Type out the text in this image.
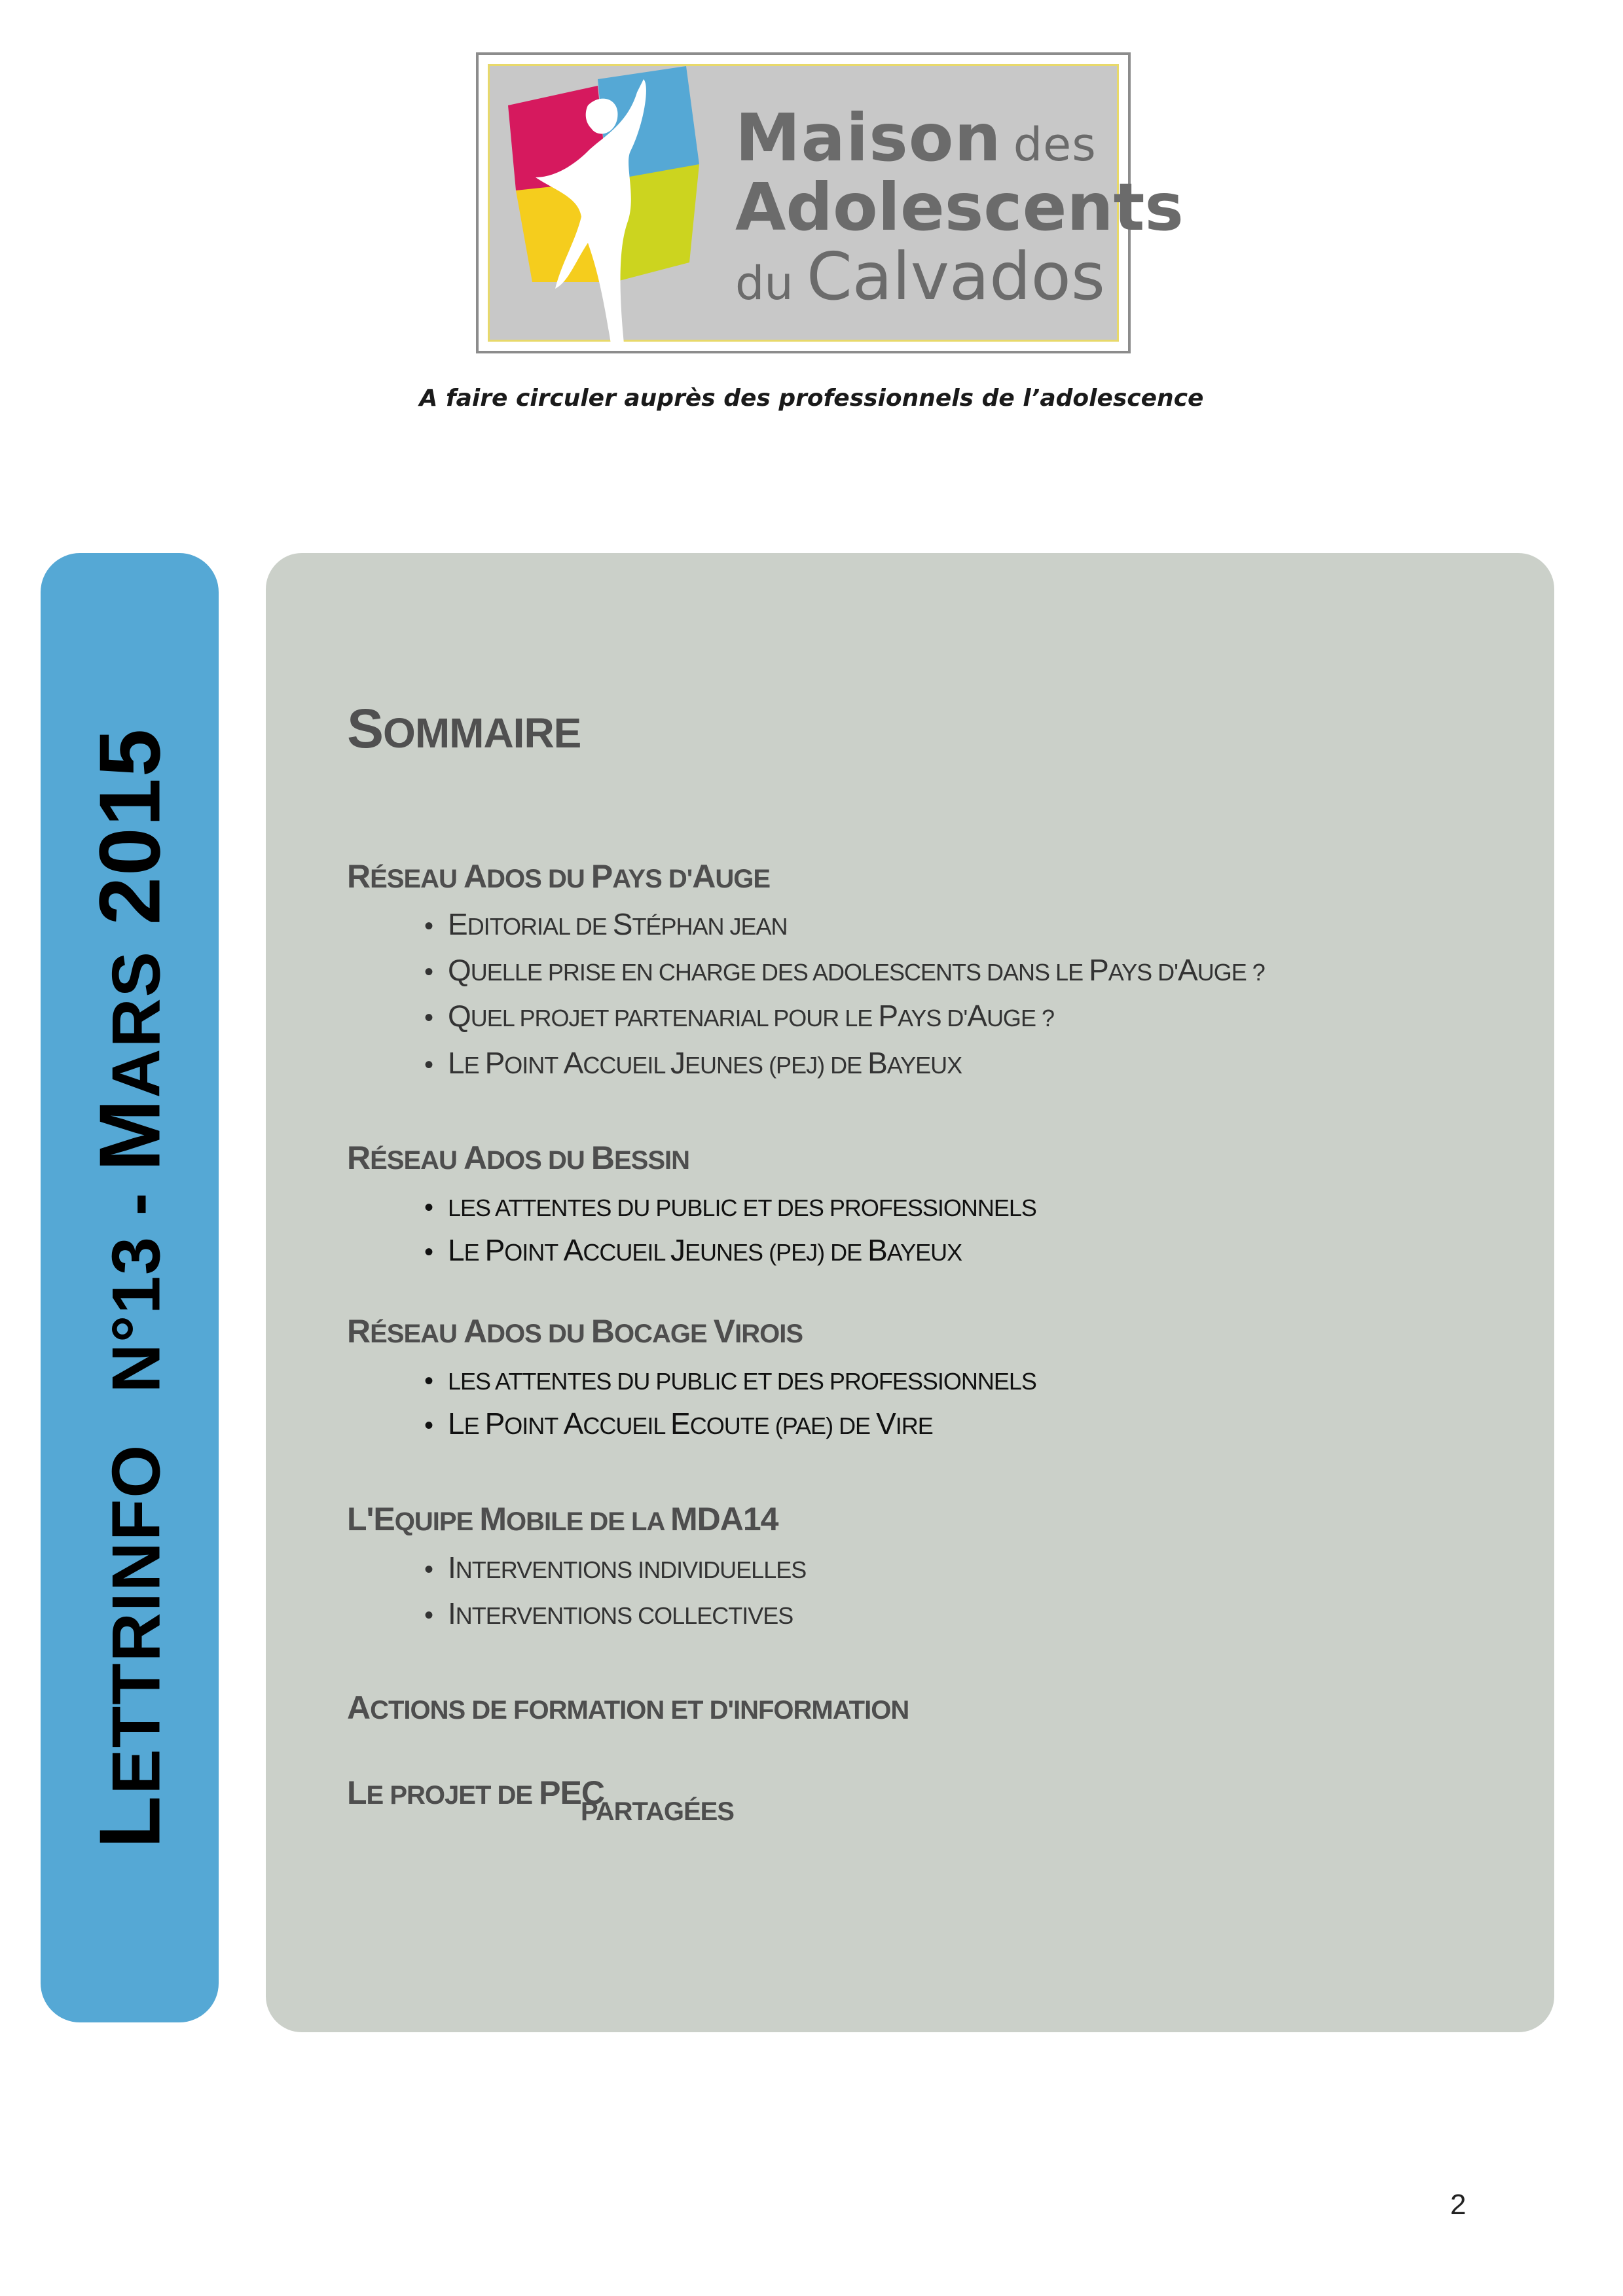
Maison des
Adolescents
du Calvados
A faire circuler auprès des professionnels de l’adolescence
LETTRINFO  N°13 - MARS 2015	SOMMAIRE
RÉSEAU ADOS DU PAYS D'AUGE
• EDITORIAL DE STÉPHAN JEAN
• QUELLE PRISE EN CHARGE DES ADOLESCENTS DANS LE PAYS D'AUGE ?
• QUEL PROJET PARTENARIAL POUR LE PAYS D'AUGE ?
• LE POINT ACCUEIL JEUNES (PEJ) DE BAYEUX
RÉSEAU ADOS DU BESSIN
• LES ATTENTES DU PUBLIC ET DES PROFESSIONNELS
• LE POINT ACCUEIL JEUNES (PEJ) DE BAYEUX
RÉSEAU ADOS DU BOCAGE VIROIS
• LES ATTENTES DU PUBLIC ET DES PROFESSIONNELS
• LE POINT ACCUEIL ECOUTE (PAE) DE VIRE
L'EQUIPE MOBILE DE LA MDA14
• INTERVENTIONS INDIVIDUELLES
• INTERVENTIONS COLLECTIVES
ACTIONS DE FORMATION ET D'INFORMATION
LE PROJET DE PEC
PARTAGÉES
2
